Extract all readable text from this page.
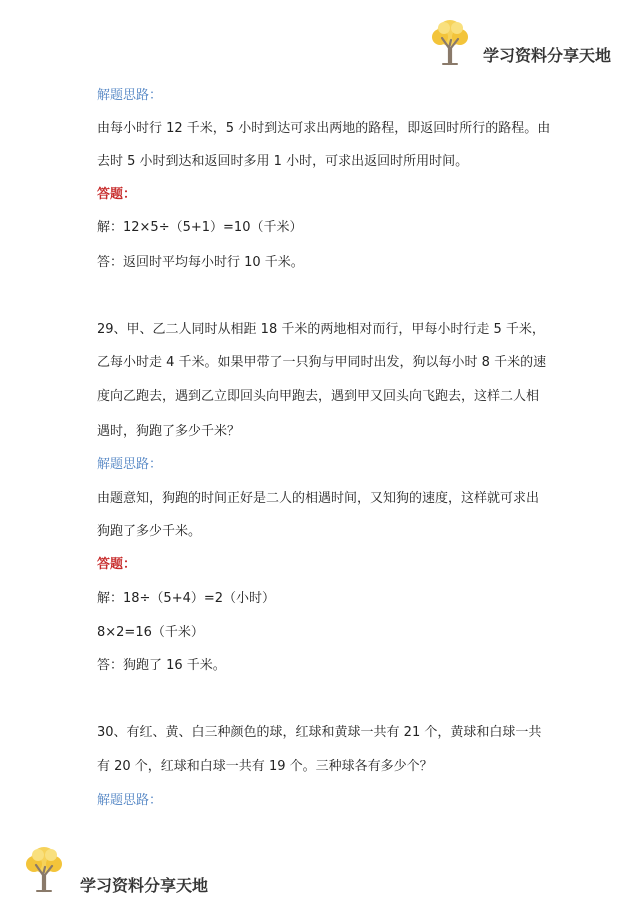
学习资料分享天地
解题思路：
由每小时行 12 千米，5 小时到达可求出两地的路程，即返回时所行的路程。由
去时 5 小时到达和返回时多用 1 小时，可求出返回时所用时间。
答题：
解：12×5÷（5+1）=10（千米）
答：返回时平均每小时行 10 千米。
29、甲、乙二人同时从相距 18 千米的两地相对而行，甲每小时行走 5 千米，
乙每小时走 4 千米。如果甲带了一只狗与甲同时出发，狗以每小时 8 千米的速
度向乙跑去，遇到乙立即回头向甲跑去，遇到甲又回头向飞跑去，这样二人相
遇时，狗跑了多少千米？
解题思路：
由题意知，狗跑的时间正好是二人的相遇时间，又知狗的速度，这样就可求出
狗跑了多少千米。
答题：
解：18÷（5+4）=2（小时）
8×2=16（千米）
答：狗跑了 16 千米。
30、有红、黄、白三种颜色的球，红球和黄球一共有 21 个，黄球和白球一共
有 20 个，红球和白球一共有 19 个。三种球各有多少个？
解题思路：
学习资料分享天地
